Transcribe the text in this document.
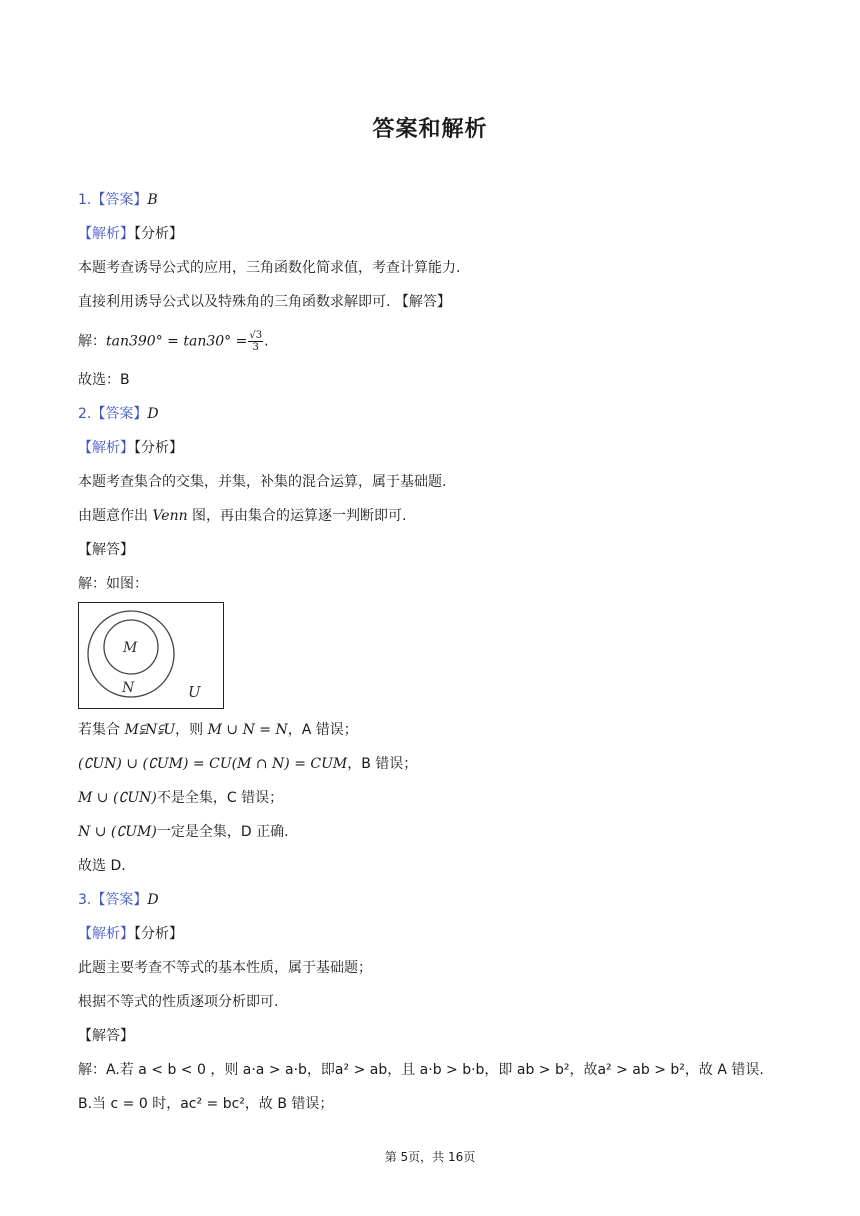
答案和解析
1.【答案】B
【解析】【分析】
本题考查诱导公式的应用，三角函数化简求值，考查计算能力.
直接利用诱导公式以及特殊角的三角函数求解即可. 【解答】
解：$\tan 390^\circ = \tan 30^\circ = \frac{√3}{3}$ .
故选：B
2.【答案】D
【解析】【分析】
本题考查集合的交集，并集，补集的混合运算，属于基础题.
由题意作出 Venn 图，再由集合的运算逐一判断即可.
【解答】
解：如图：
M
N	U
若集合 M⫋N⫋U，则 M ∪ N = N，A 错误；
(∁UN) ∪ (∁UM) = CU(M ∩ N) = CUM，B 错误；
M ∪ (∁UN)不是全集，C 错误；
N ∪ (∁UM)一定是全集，D 正确.
故选 D.
3.【答案】D
【解析】【分析】
此题主要考查不等式的基本性质，属于基础题；
根据不等式的性质逐项分析即可.
【解答】
解：A.若 a < b < 0 ，则 a·a > a·b，即a² > ab，且 a·b > b·b，即 ab > b²，故a² > ab > b²，故 A 错误.
B.当 c = 0 时，ac² = bc²，故 B 错误；
第 5页，共 16页
